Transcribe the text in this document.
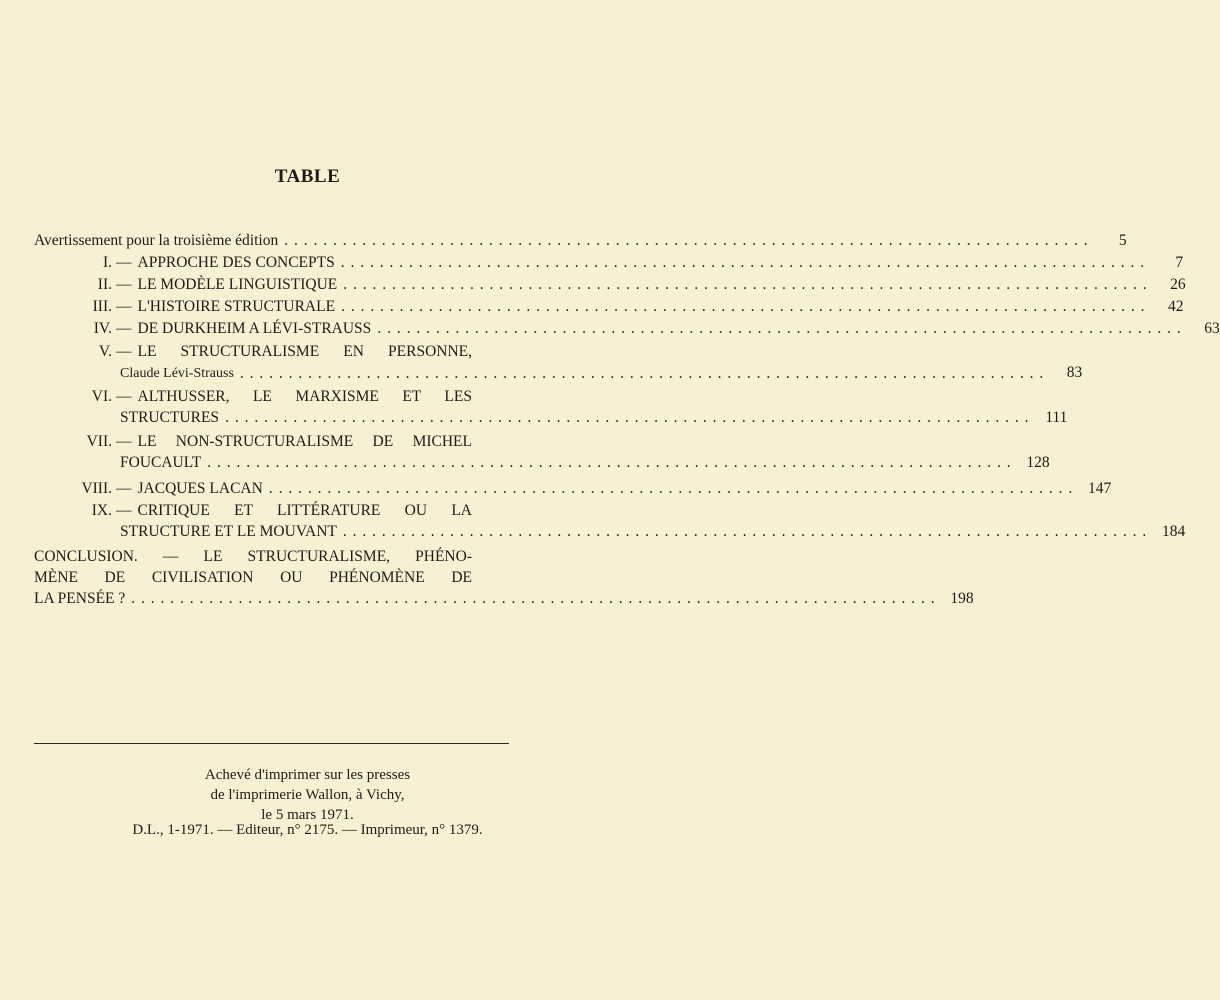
TABLE
Avertissement pour la troisième édition . . . . . . . . . . . . . . . . . . . . . . . . . . . . . . . . . . . . . . . . . . . . . . . . . . . . . . . . . . . . . . . . . . . . . . . . . . . . . . . . . . .	5
I. — APPROCHE DES CONCEPTS . . . . . . . . . . . . . . . . . . . . . . . . . . . . . . . . . . . . . . . . . . . . . . . . . . . . . . . . . . . . . . . . . . . . . . . . . . . . . . . . . . .	7
II. — LE MODÈLE LINGUISTIQUE . . . . . . . . . . . . . . . . . . . . . . . . . . . . . . . . . . . . . . . . . . . . . . . . . . . . . . . . . . . . . . . . . . . . . . . . . . . . . . . . . . .	26
III. — L'HISTOIRE STRUCTURALE . . . . . . . . . . . . . . . . . . . . . . . . . . . . . . . . . . . . . . . . . . . . . . . . . . . . . . . . . . . . . . . . . . . . . . . . . . . . . . . . . . .	42
IV. — DE DURKHEIM A LÉVI-STRAUSS . . . . . . . . . . . . . . . . . . . . . . . . . . . . . . . . . . . . . . . . . . . . . . . . . . . . . . . . . . . . . . . . . . . . . . . . . . . . . . . . . . .	63
V. — LE STRUCTURALISME EN PERSONNE,
Claude Lévi-Strauss . . . . . . . . . . . . . . . . . . . . . . . . . . . . . . . . . . . . . . . . . . . . . . . . . . . . . . . . . . . . . . . . . . . . . . . . . . . . . . . . . . .	83
VI. — ALTHUSSER, LE MARXISME ET LES
STRUCTURES . . . . . . . . . . . . . . . . . . . . . . . . . . . . . . . . . . . . . . . . . . . . . . . . . . . . . . . . . . . . . . . . . . . . . . . . . . . . . . . . . . .	111
VII. — LE NON-STRUCTURALISME DE MICHEL
FOUCAULT . . . . . . . . . . . . . . . . . . . . . . . . . . . . . . . . . . . . . . . . . . . . . . . . . . . . . . . . . . . . . . . . . . . . . . . . . . . . . . . . . . . 128
VIII. — JACQUES LACAN . . . . . . . . . . . . . . . . . . . . . . . . . . . . . . . . . . . . . . . . . . . . . . . . . . . . . . . . . . . . . . . . . . . . . . . . . . . . . . . . . . . 147
IX. — CRITIQUE ET LITTÉRATURE OU LA
STRUCTURE ET LE MOUVANT . . . . . . . . . . . . . . . . . . . . . . . . . . . . . . . . . . . . . . . . . . . . . . . . . . . . . . . . . . . . . . . . . . . . . . . . . . . . . . . . . . . 184
CONCLUSION. — LE STRUCTURALISME, PHÉNO-
MÈNE DE CIVILISATION OU PHÉNOMÈNE DE
LA PENSÉE ? . . . . . . . . . . . . . . . . . . . . . . . . . . . . . . . . . . . . . . . . . . . . . . . . . . . . . . . . . . . . . . . . . . . . . . . . . . . . . . . . . . . 198
Achevé d'imprimer sur les presses
de l'imprimerie Wallon, à Vichy,
le 5 mars 1971.
D.L., 1-1971. — Editeur, n° 2175. — Imprimeur, n° 1379.
